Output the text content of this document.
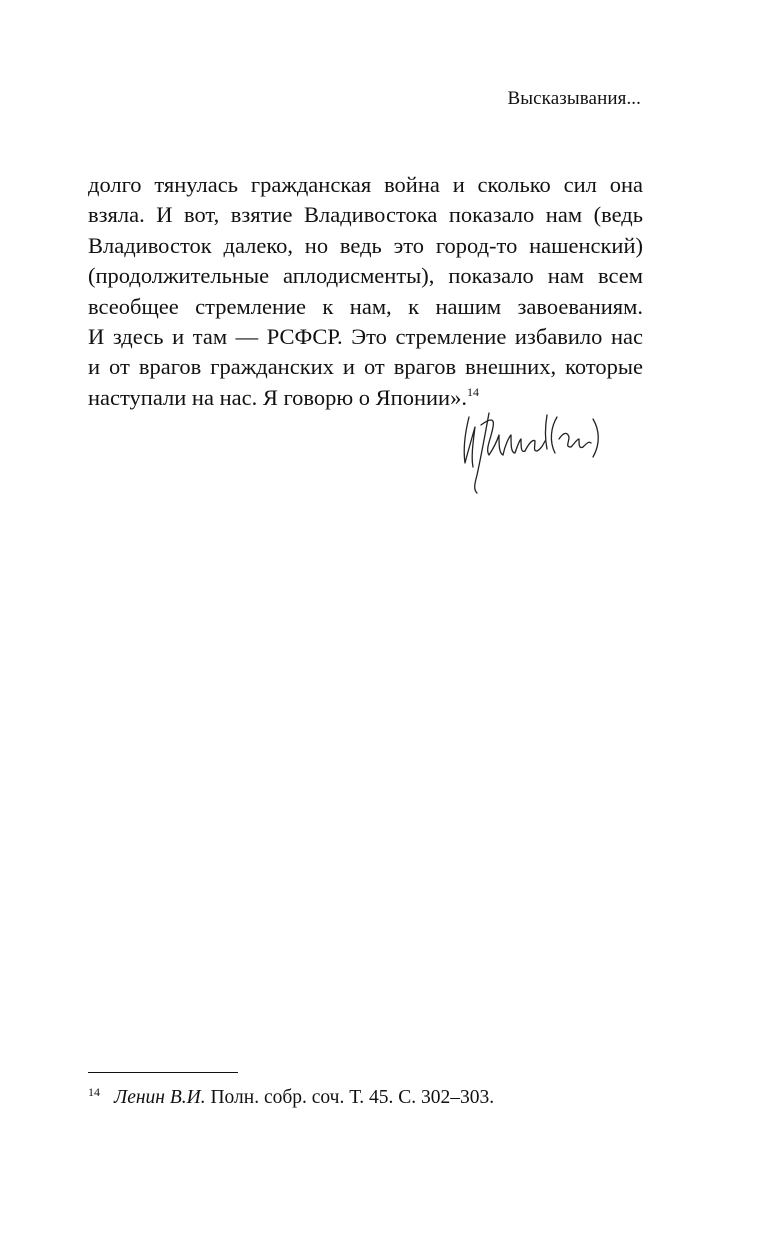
Высказывания...
долго тянулась гражданская война и сколько сил она
взяла. И вот, взятие Владивостока показало нам (ведь
Владивосток далеко, но ведь это город-то нашенский)
(продолжительные аплодисменты), показало нам всем
всеобщее стремление к нам, к нашим завоеваниям.
И здесь и там — РСФСР. Это стремление избавило нас
и от врагов гражданских и от врагов внешних, которые
наступали на нас. Я говорю о Японии».$^{14}$
$^{14}$ Ленин В.И. Полн. собр. соч. Т. 45. С. 302–303.
